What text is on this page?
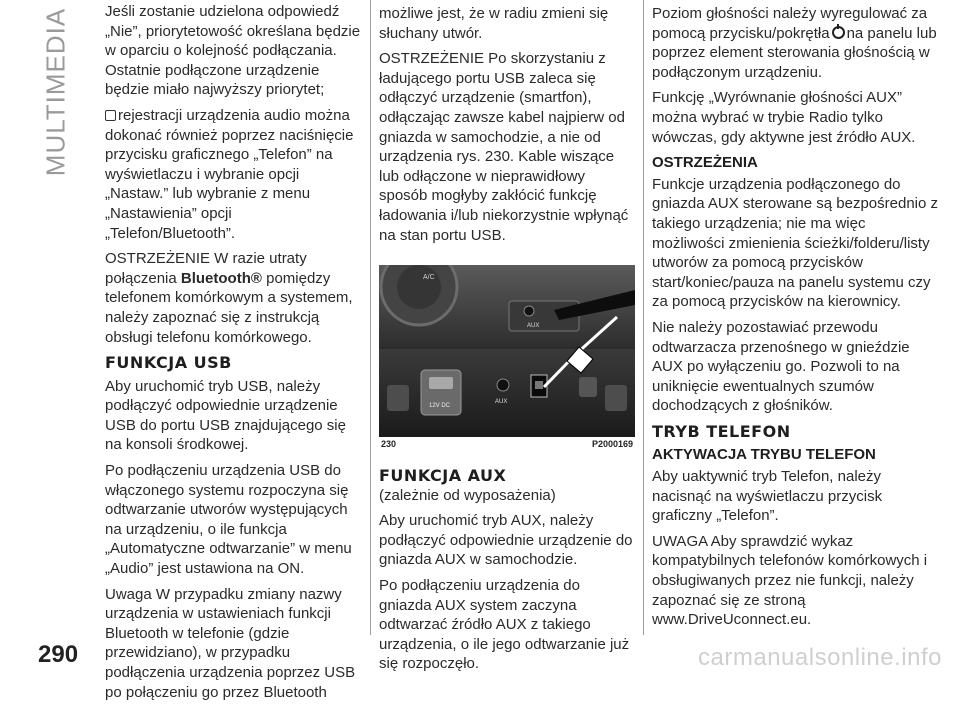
MULTIMEDIA Jeśli zostanie udzielona odpowiedź „Nie”, priorytetowość określana będzie w oparciu o kolejność podłączania. Ostatnie podłączone urządzenie będzie miało najwyższy priorytet;

rejestracji urządzenia audio można dokonać również poprzez naciśnięcie przycisku graficznego „Telefon” na wyświetlaczu i wybranie opcji „Nastaw.” lub wybranie z menu „Nastawienia” opcji „Telefon/Bluetooth”.

OSTRZEŻENIE W razie utraty połączenia Bluetooth® pomiędzy telefonem komórkowym a systemem, należy zapoznać się z instrukcją obsługi telefonu komórkowego.

FUNKCJA USB

Aby uruchomić tryb USB, należy podłączyć odpowiednie urządzenie USB do portu USB znajdującego się na konsoli środkowej.

Po podłączeniu urządzenia USB do włączonego systemu rozpoczyna się odtwarzanie utworów występujących na urządzeniu, o ile funkcja „Automatyczne odtwarzanie” w menu „Audio” jest ustawiona na ON.

Uwaga W przypadku zmiany nazwy urządzenia w ustawieniach funkcji Bluetooth w telefonie (gdzie przewidziano), w przypadku podłączenia urządzenia poprzez USB po połączeniu go przez Bluetooth

możliwe jest, że w radiu zmieni się słuchany utwór.

OSTRZEŻENIE Po skorzystaniu z ładującego portu USB zaleca się odłączyć urządzenie (smartfon), odłączając zawsze kabel najpierw od gniazda w samochodzie, a nie od urządzenia rys. 230. Kable wiszące lub odłączone w nieprawidłowy sposób mogłyby zakłócić funkcję ładowania i/lub niekorzystnie wpłynąć na stan portu USB.

A/C
AUX
12V DC
AUX
230	P2000169
FUNKCJA AUX

(zależnie od wyposażenia)

Aby uruchomić tryb AUX, należy podłączyć odpowiednie urządzenie do gniazda AUX w samochodzie.

Po podłączeniu urządzenia do gniazda AUX system zaczyna odtwarzać źródło AUX z takiego urządzenia, o ile jego odtwarzanie już się rozpoczęło.

Poziom głośności należy wyregulować za pomocą przycisku/pokrętła na panelu lub poprzez element sterowania głośnością w podłączonym urządzeniu.

Funkcję „Wyrównanie głośności AUX” można wybrać w trybie Radio tylko wówczas, gdy aktywne jest źródło AUX.

OSTRZEŻENIA

Funkcje urządzenia podłączonego do gniazda AUX sterowane są bezpośrednio z takiego urządzenia; nie ma więc możliwości zmienienia ścieżki/folderu/listy utworów za pomocą przycisków start/koniec/pauza na panelu systemu czy za pomocą przycisków na kierownicy.

Nie należy pozostawiać przewodu odtwarzacza przenośnego w gnieździe AUX po wyłączeniu go. Pozwoli to na uniknięcie ewentualnych szumów dochodzących z głośników.

TRYB TELEFON
AKTYWACJA TRYBU TELEFON

Aby uaktywnić tryb Telefon, należy nacisnąć na wyświetlaczu przycisk graficzny „Telefon”.

UWAGA Aby sprawdzić wykaz kompatybilnych telefonów komórkowych i obsługiwanych przez nie funkcji, należy zapoznać się ze stroną www.DriveUconnect.eu.

290	carmanualsonline.info
